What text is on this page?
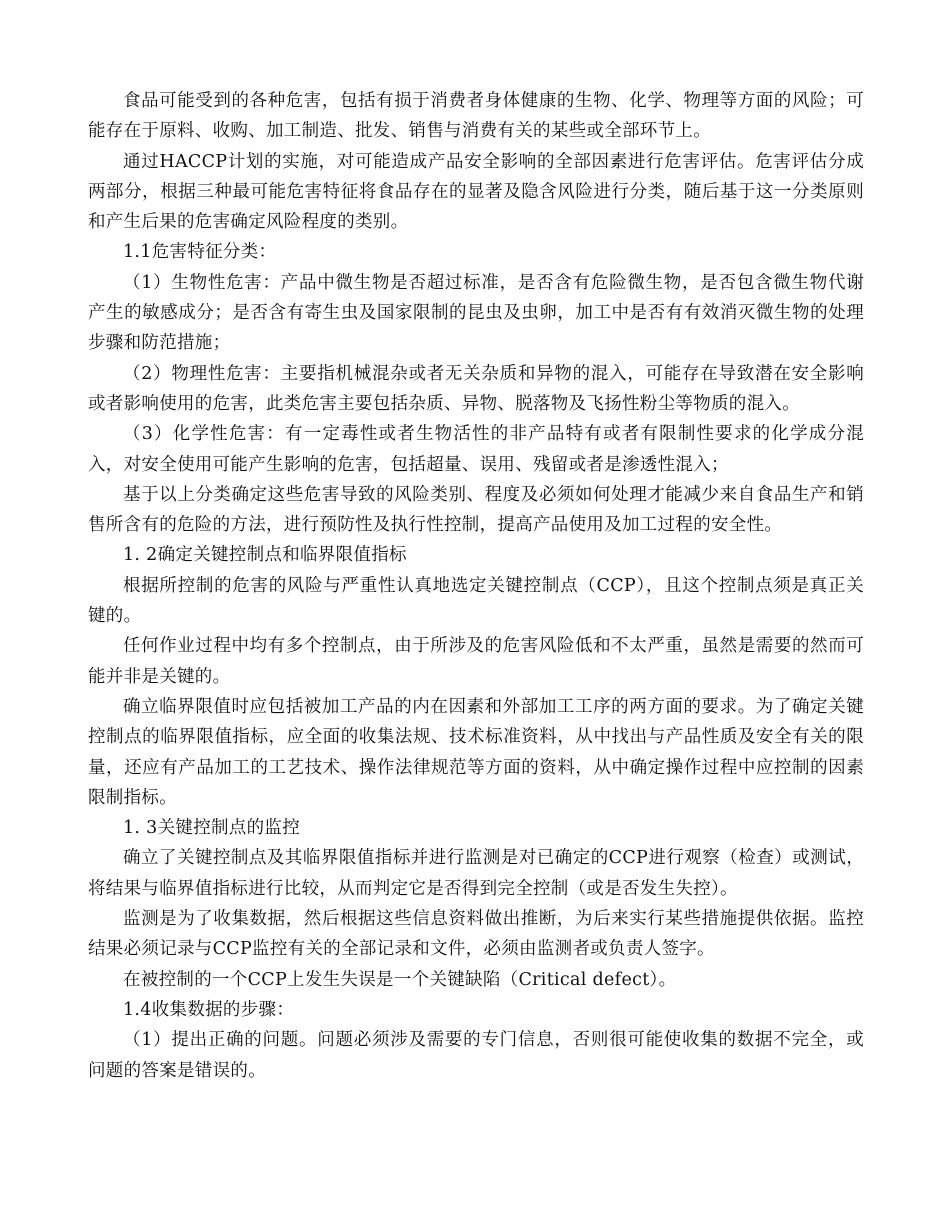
食品可能受到的各种危害，包括有损于消费者身体健康的生物、化学、物理等方面的风险；可能存在于原料、收购、加工制造、批发、销售与消费有关的某些或全部环节上。

通过HACCP计划的实施，对可能造成产品安全影响的全部因素进行危害评估。危害评估分成两部分，根据三种最可能危害特征将食品存在的显著及隐含风险进行分类，随后基于这一分类原则和产生后果的危害确定风险程度的类别。

1.1危害特征分类：

（1）生物性危害：产品中微生物是否超过标准，是否含有危险微生物，是否包含微生物代谢产生的敏感成分；是否含有寄生虫及国家限制的昆虫及虫卵，加工中是否有有效消灭微生物的处理步骤和防范措施；

（2）物理性危害：主要指机械混杂或者无关杂质和异物的混入，可能存在导致潜在安全影响或者影响使用的危害，此类危害主要包括杂质、异物、脱落物及飞扬性粉尘等物质的混入。

（3）化学性危害：有一定毒性或者生物活性的非产品特有或者有限制性要求的化学成分混入，对安全使用可能产生影响的危害，包括超量、误用、残留或者是渗透性混入；

基于以上分类确定这些危害导致的风险类别、程度及必须如何处理才能减少来自食品生产和销售所含有的危险的方法，进行预防性及执行性控制，提高产品使用及加工过程的安全性。

1. 2确定关键控制点和临界限值指标

根据所控制的危害的风险与严重性认真地选定关键控制点（CCP），且这个控制点须是真正关键的。

任何作业过程中均有多个控制点，由于所涉及的危害风险低和不太严重，虽然是需要的然而可能并非是关键的。

确立临界限值时应包括被加工产品的内在因素和外部加工工序的两方面的要求。为了确定关键控制点的临界限值指标，应全面的收集法规、技术标准资料，从中找出与产品性质及安全有关的限量，还应有产品加工的工艺技术、操作法律规范等方面的资料，从中确定操作过程中应控制的因素限制指标。

1. 3关键控制点的监控

确立了关键控制点及其临界限值指标并进行监测是对已确定的CCP进行观察（检查）或测试，将结果与临界值指标进行比较，从而判定它是否得到完全控制（或是否发生失控）。

监测是为了收集数据，然后根据这些信息资料做出推断，为后来实行某些措施提供依据。监控结果必须记录与CCP监控有关的全部记录和文件，必须由监测者或负责人签字。

在被控制的一个CCP上发生失误是一个关键缺陷（Critical defect）。

1.4收集数据的步骤：

（1）提出正确的问题。问题必须涉及需要的专门信息，否则很可能使收集的数据不完全，或问题的答案是错误的。
